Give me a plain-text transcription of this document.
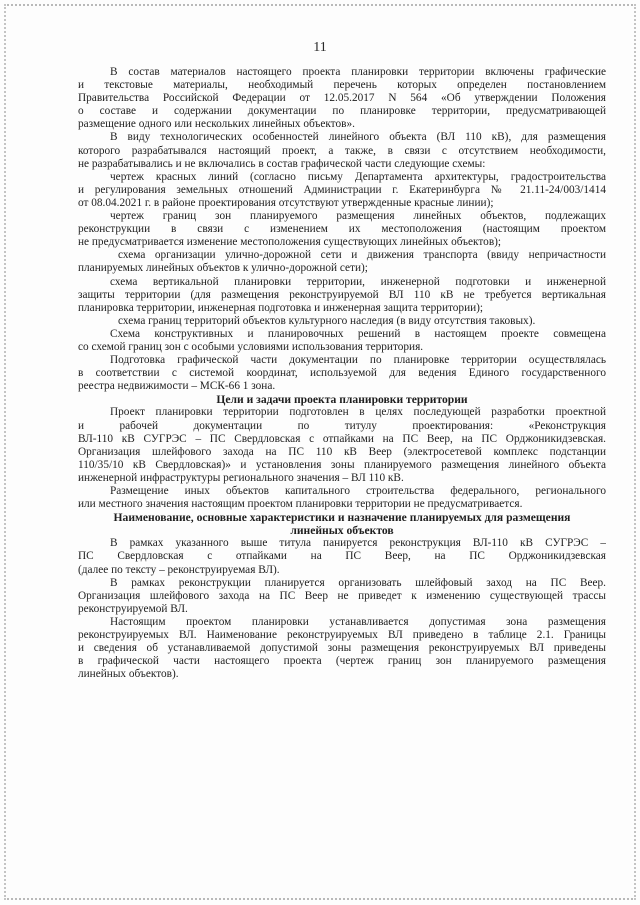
11
В состав материалов настоящего проекта планировки территории включены графические
и текстовые материалы, необходимый перечень которых определен постановлением
Правительства Российской Федерации от 12.05.2017 N 564 «Об утверждении Положения
о составе и содержании документации по планировке территории, предусматривающей
размещение одного или нескольких линейных объектов».
В виду технологических особенностей линейного объекта (ВЛ 110 кВ), для размещения
которого разрабатывался настоящий проект, а также, в связи с отсутствием необходимости,
не разрабатывались и не включались в состав графической части следующие схемы:
чертеж красных линий (согласно письму Департамента архитектуры, градостроительства
и регулирования земельных отношений Администрации г. Екатеринбурга № 21.11-24/003/1414
от 08.04.2021 г. в районе проектирования отсутствуют утвержденные красные линии);
чертеж границ зон планируемого размещения линейных объектов, подлежащих
реконструкции в связи с изменением их местоположения (настоящим проектом
не предусматривается изменение местоположения существующих линейных объектов);
схема организации улично-дорожной сети и движения транспорта (ввиду непричастности
планируемых линейных объектов к улично-дорожной сети);
схема вертикальной планировки территории, инженерной подготовки и инженерной
защиты территории (для размещения реконструируемой ВЛ 110 кВ не требуется вертикальная
планировка территории, инженерная подготовка и инженерная защита территории);
схема границ территорий объектов культурного наследия (в виду отсутствия таковых).
Схема конструктивных и планировочных решений в настоящем проекте совмещена
со схемой границ зон с особыми условиями использования территория.
Подготовка графической части документации по планировке территории осуществлялась
в соответствии с системой координат, используемой для ведения Единого государственного
реестра недвижимости – МСК-66 1 зона.
Цели и задачи проекта планировки территории
Проект планировки территории подготовлен в целях последующей разработки проектной
и рабочей документации по титулу проектирования: «Реконструкция
ВЛ-110 кВ СУГРЭС – ПС Свердловская с отпайками на ПС Веер, на ПС Орджоникидзевская.
Организация шлейфового захода на ПС 110 кВ Веер (электросетевой комплекс подстанции
110/35/10 кВ Свердловская)» и установления зоны планируемого размещения линейного объекта
инженерной инфраструктуры регионального значения – ВЛ 110 кВ.
Размещение иных объектов капитального строительства федерального, регионального
или местного значения настоящим проектом планировки территории не предусматривается.
Наименование, основные характеристики и назначение планируемых для размещения
линейных объектов
В рамках указанного выше титула панируется реконструкция ВЛ-110 кВ СУГРЭС –
ПС Свердловская с отпайками на ПС Веер, на ПС Орджоникидзевская
(далее по тексту – реконструируемая ВЛ).
В рамках реконструкции планируется организовать шлейфовый заход на ПС Веер.
Организация шлейфового захода на ПС Веер не приведет к изменению существующей трассы
реконструируемой ВЛ.
Настоящим проектом планировки устанавливается допустимая зона размещения
реконструируемых ВЛ. Наименование реконструируемых ВЛ приведено в таблице 2.1. Границы
и сведения об устанавливаемой допустимой зоны размещения реконструируемых ВЛ приведены
в графической части настоящего проекта (чертеж границ зон планируемого размещения
линейных объектов).
